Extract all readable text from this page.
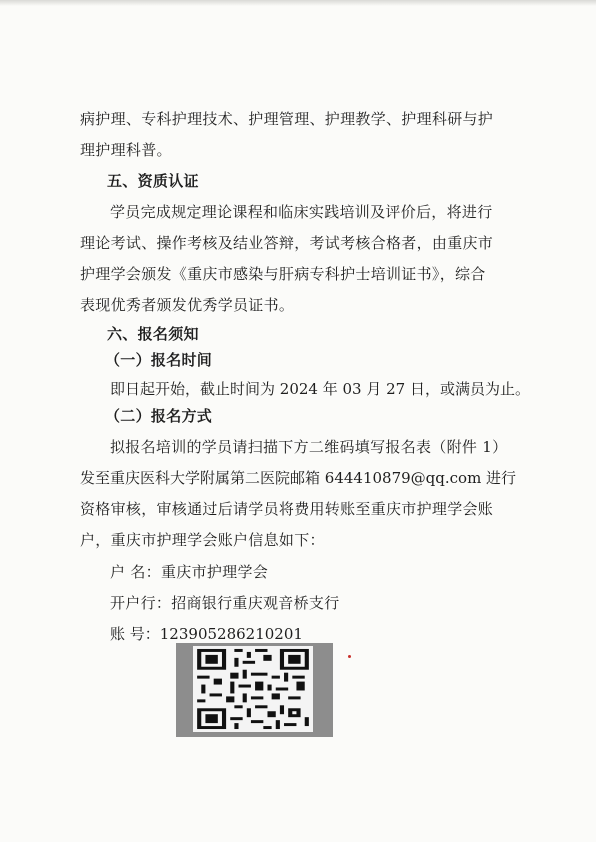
病护理、专科护理技术、护理管理、护理教学、护理科研与护
理护理科普。
五、资质认证
学员完成规定理论课程和临床实践培训及评价后，将进行
理论考试、操作考核及结业答辩，考试考核合格者，由重庆市
护理学会颁发《重庆市感染与肝病专科护士培训证书》，综合
表现优秀者颁发优秀学员证书。
六、报名须知
（一）报名时间
即日起开始，截止时间为 2024 年 03 月 27 日，或满员为止。
（二）报名方式
拟报名培训的学员请扫描下方二维码填写报名表（附件 1）
发至重庆医科大学附属第二医院邮箱 644410879@qq.com 进行
资格审核，审核通过后请学员将费用转账至重庆市护理学会账
户，重庆市护理学会账户信息如下：
户 名：重庆市护理学会
开户行：招商银行重庆观音桥支行
账 号：123905286210201
